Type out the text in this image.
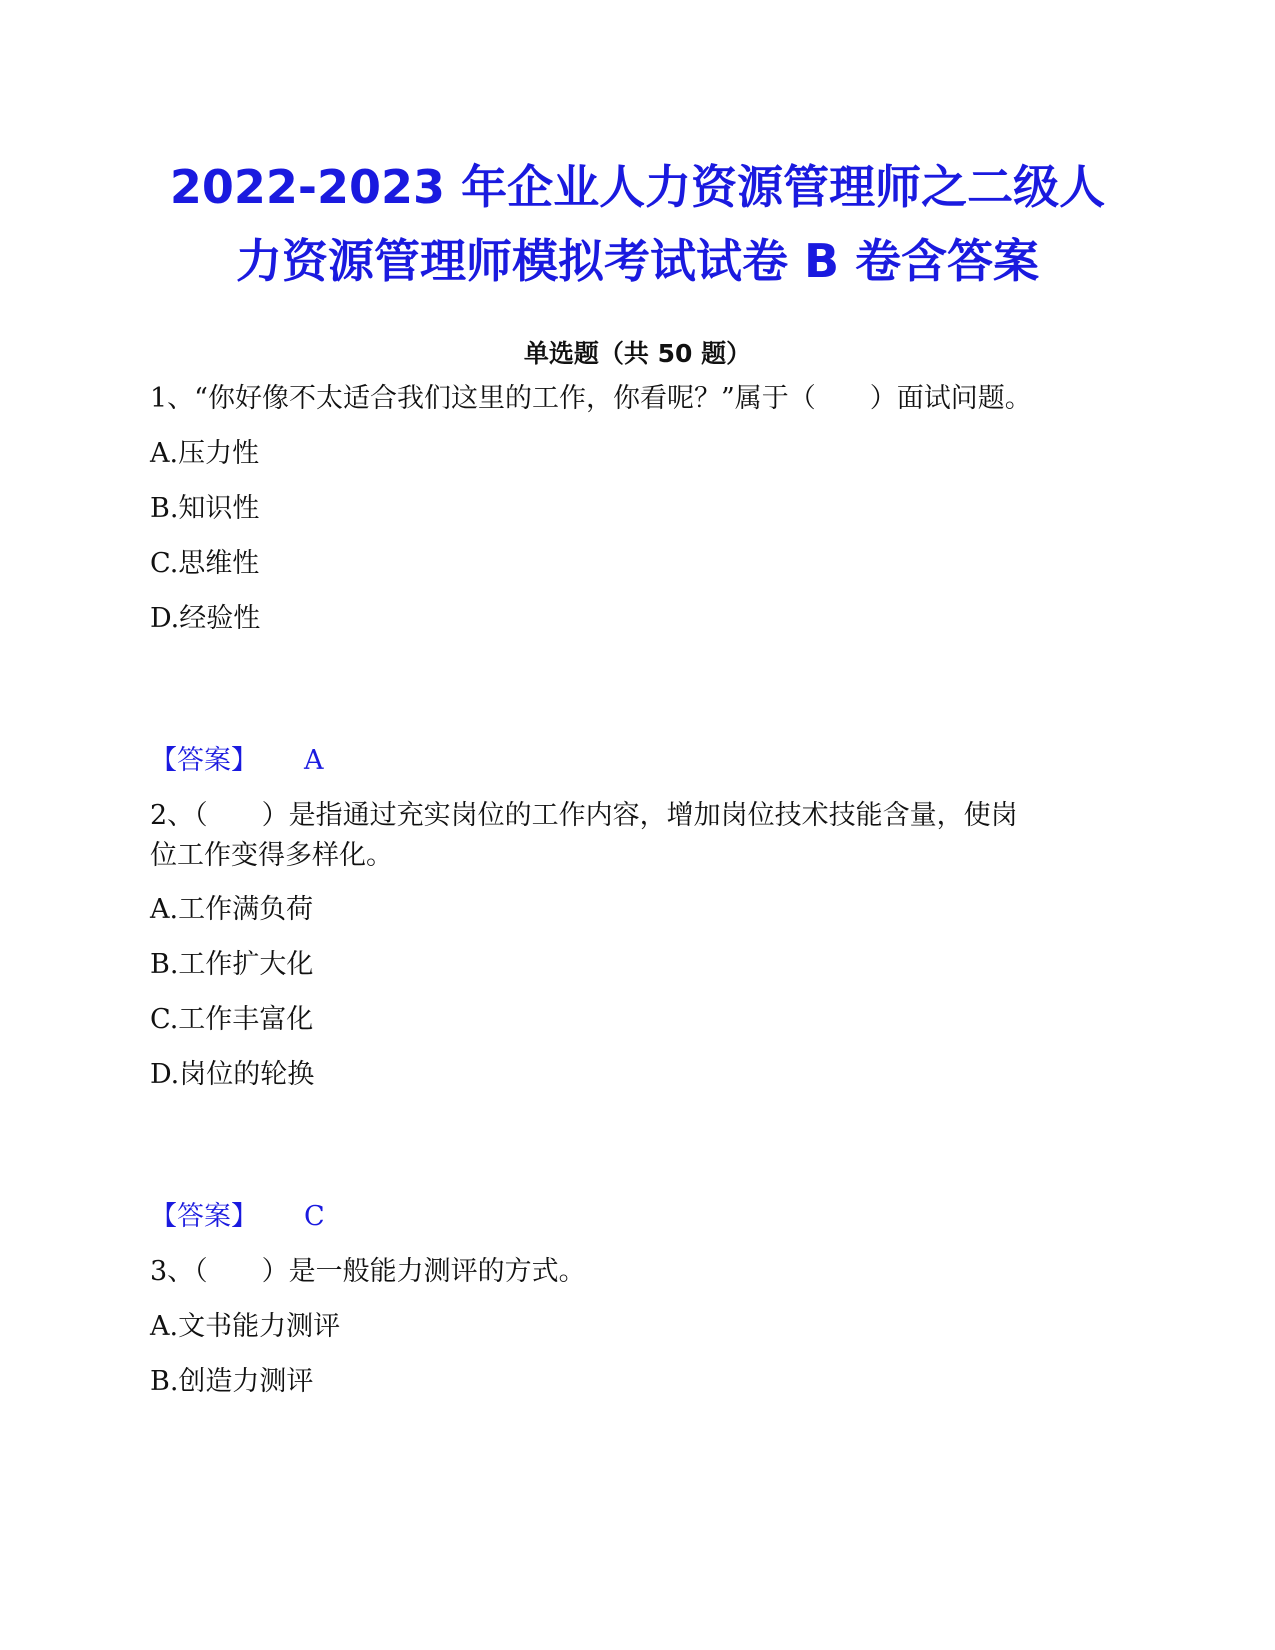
2022-2023 年企业人力资源管理师之二级人
力资源管理师模拟考试试卷 B 卷含答案
单选题（共 50 题）
1、“你好像不太适合我们这里的工作，你看呢？”属于（　　）面试问题。
A.压力性
B.知识性
C.思维性
D.经验性
【答案】 A
2、（　　）是指通过充实岗位的工作内容，增加岗位技术技能含量，使岗
位工作变得多样化。
A.工作满负荷
B.工作扩大化
C.工作丰富化
D.岗位的轮换
【答案】 C
3、（　　）是一般能力测评的方式。
A.文书能力测评
B.创造力测评
